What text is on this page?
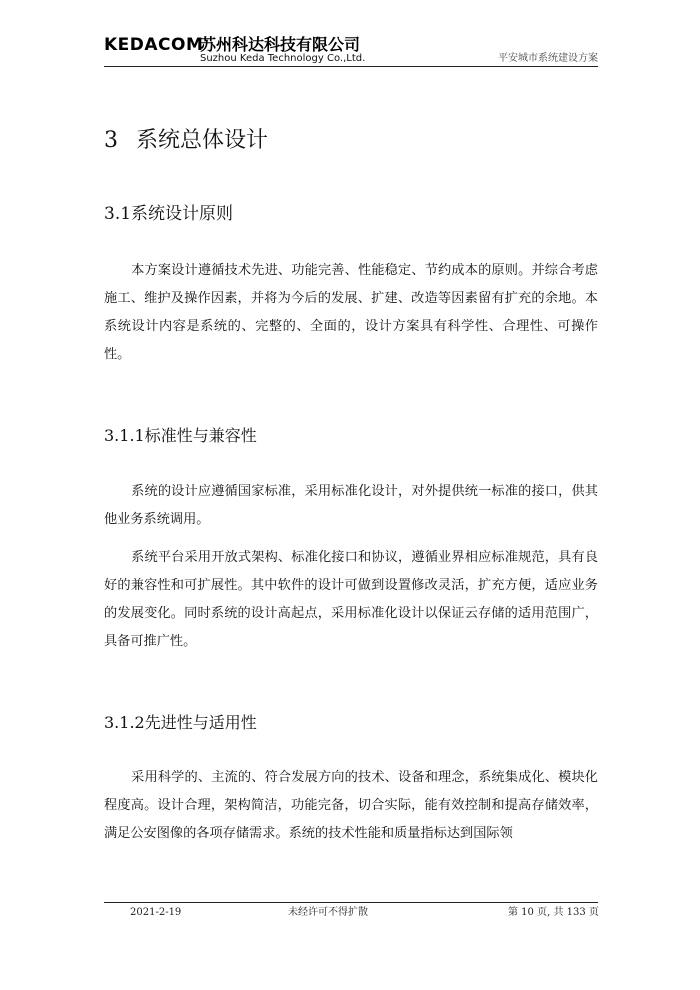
KEDACOM
苏州科达科技有限公司
Suzhou Keda Technology Co.,Ltd.	平安城市系统建设方案
3 系统总体设计
3.1系统设计原则
本方案设计遵循技术先进、功能完善、性能稳定、节约成本的原则。并综合考虑施工、维护及操作因素，并将为今后的发展、扩建、改造等因素留有扩充的余地。本系统设计内容是系统的、完整的、全面的，设计方案具有科学性、合理性、可操作性。
3.1.1标准性与兼容性
系统的设计应遵循国家标准，采用标准化设计，对外提供统一标准的接口，供其他业务系统调用。
系统平台采用开放式架构、标准化接口和协议，遵循业界相应标准规范，具有良好的兼容性和可扩展性。其中软件的设计可做到设置修改灵活，扩充方便，适应业务的发展变化。同时系统的设计高起点，采用标准化设计以保证云存储的适用范围广，具备可推广性。
3.1.2先进性与适用性
采用科学的、主流的、符合发展方向的技术、设备和理念，系统集成化、模块化程度高。设计合理，架构简洁，功能完备，切合实际，能有效控制和提高存储效率，满足公安图像的各项存储需求。系统的技术性能和质量指标达到国际领
2021-2-19	未经许可不得扩散	第 10 页, 共 133 页
